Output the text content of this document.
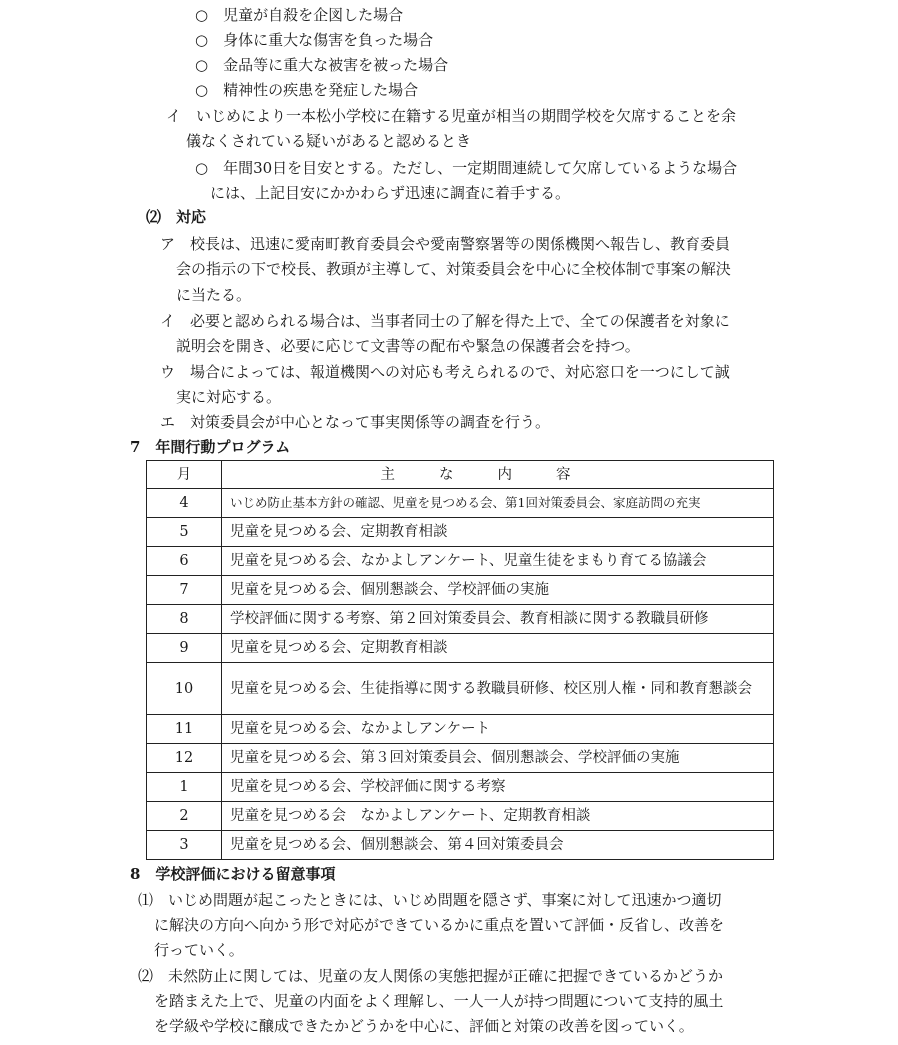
○　児童が自殺を企図した場合
○　身体に重大な傷害を負った場合
○　金品等に重大な被害を被った場合
○　精神性の疾患を発症した場合
イ　いじめにより一本松小学校に在籍する児童が相当の期間学校を欠席することを余
儀なくされている疑いがあると認めるとき
○　年間30日を目安とする。ただし、一定期間連続して欠席しているような場合
には、上記目安にかかわらず迅速に調査に着手する。
⑵　対応
ア　校長は、迅速に愛南町教育委員会や愛南警察署等の関係機関へ報告し、教育委員
会の指示の下で校長、教頭が主導して、対策委員会を中心に全校体制で事案の解決
に当たる。
イ　必要と認められる場合は、当事者同士の了解を得た上で、全ての保護者を対象に
説明会を開き、必要に応じて文書等の配布や緊急の保護者会を持つ。
ウ　場合によっては、報道機関への対応も考えられるので、対応窓口を一つにして誠
実に対応する。
エ　対策委員会が中心となって事実関係等の調査を行う。
7　年間行動プログラム
月	主な内容
4	いじめ防止基本方針の確認、児童を見つめる会、第1回対策委員会、家庭訪問の充実
5	児童を見つめる会、定期教育相談
6	児童を見つめる会、なかよしアンケート、児童生徒をまもり育てる協議会
7	児童を見つめる会、個別懇談会、学校評価の実施
8	学校評価に関する考察、第２回対策委員会、教育相談に関する教職員研修
9	児童を見つめる会、定期教育相談
10	児童を見つめる会、生徒指導に関する教職員研修、校区別人権・同和教育懇談会
11	児童を見つめる会、なかよしアンケート
12	児童を見つめる会、第３回対策委員会、個別懇談会、学校評価の実施
1	児童を見つめる会、学校評価に関する考察
2	児童を見つめる会　なかよしアンケート、定期教育相談
3	児童を見つめる会、個別懇談会、第４回対策委員会
8　学校評価における留意事項
⑴　いじめ問題が起こったときには、いじめ問題を隠さず、事案に対して迅速かつ適切
に解決の方向へ向かう形で対応ができているかに重点を置いて評価・反省し、改善を
行っていく。
⑵　未然防止に関しては、児童の友人関係の実態把握が正確に把握できているかどうか
を踏まえた上で、児童の内面をよく理解し、一人一人が持つ問題について支持的風土
を学級や学校に醸成できたかどうかを中心に、評価と対策の改善を図っていく。
